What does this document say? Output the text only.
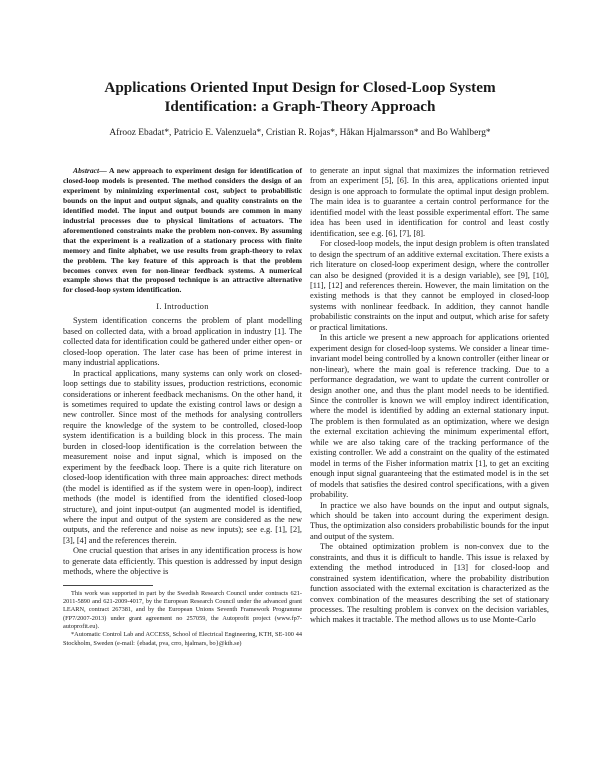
Applications Oriented Input Design for Closed-Loop System Identification: a Graph-Theory Approach
Afrooz Ebadat*, Patricio E. Valenzuela*, Cristian R. Rojas*, Håkan Hjalmarsson* and Bo Wahlberg*

Abstract— A new approach to experiment design for identification of closed-loop models is presented. The method considers the design of an experiment by minimizing experimental cost, subject to probabilistic bounds on the input and output signals, and quality constraints on the identified model. The input and output bounds are common in many industrial processes due to physical limitations of actuators. The aforementioned constraints make the problem non-convex. By assuming that the experiment is a realization of a stationary process with finite memory and finite alphabet, we use results from graph-theory to relax the problem. The key feature of this approach is that the problem becomes convex even for non-linear feedback systems. A numerical example shows that the proposed technique is an attractive alternative for closed-loop system identification.

I. Introduction

System identification concerns the problem of plant modelling based on collected data, with a broad application in industry [1]. The collected data for identification could be gathered under either open- or closed-loop operation. The later case has been of prime interest in many industrial applications.

In practical applications, many systems can only work on closed-loop settings due to stability issues, production restrictions, economic considerations or inherent feedback mechanisms. On the other hand, it is sometimes required to update the existing control laws or design a new controller. Since most of the methods for analysing controllers require the knowledge of the system to be controlled, closed-loop system identification is a building block in this process. The main burden in closed-loop identification is the correlation between the measurement noise and input signal, which is imposed on the experiment by the feedback loop. There is a quite rich literature on closed-loop identification with three main approaches: direct methods (the model is identified as if the system were in open-loop), indirect methods (the model is identified from the identified closed-loop structure), and joint input-output (an augmented model is identified, where the input and output of the system are considered as the new outputs, and the reference and noise as new inputs); see e.g. [1], [2], [3], [4] and the references therein.

One crucial question that arises in any identification process is how to generate data efficiently. This question is addressed by input design methods, where the objective is

This work was supported in part by the Swedish Research Council under contracts 621-2011-5890 and 621-2009-4017, by the European Research Council under the advanced grant LEARN, contract 267381, and by the European Unions Seventh Framework Programme (FP7/2007-2013) under grant agreement no 257059, the Autoprofit project (www.fp7-autoprofit.eu).

*Automatic Control Lab and ACCESS, School of Electrical Engineering, KTH, SE-100 44 Stockholm, Sweden (e-mail: {ebadat, pva, crro, hjalmars, bo}@kth.se)

to generate an input signal that maximizes the information retrieved from an experiment [5], [6]. In this area, applications oriented input design is one approach to formulate the optimal input design problem. The main idea is to guarantee a certain control performance for the identified model with the least possible experimental effort. The same idea has been used in identification for control and least costly identification, see e.g. [6], [7], [8].

For closed-loop models, the input design problem is often translated to design the spectrum of an additive external excitation. There exists a rich literature on closed-loop experiment design, where the controller can also be designed (provided it is a design variable), see [9], [10], [11], [12] and references therein. However, the main limitation on the existing methods is that they cannot be employed in closed-loop systems with nonlinear feedback. In addition, they cannot handle probabilistic constraints on the input and output, which arise for safety or practical limitations.

In this article we present a new approach for applications oriented experiment design for closed-loop systems. We consider a linear time-invariant model being controlled by a known controller (either linear or non-linear), where the main goal is reference tracking. Due to a performance degradation, we want to update the current controller or design another one, and thus the plant model needs to be identified. Since the controller is known we will employ indirect identification, where the model is identified by adding an external stationary input. The problem is then formulated as an optimization, where we design the external excitation achieving the minimum experimental effort, while we are also taking care of the tracking performance of the existing controller. We add a constraint on the quality of the estimated model in terms of the Fisher information matrix [1], to get an exciting enough input signal guaranteeing that the estimated model is in the set of models that satisfies the desired control specifications, with a given probability.

In practice we also have bounds on the input and output signals, which should be taken into account during the experiment design. Thus, the optimization also considers probabilistic bounds for the input and output of the system.

The obtained optimization problem is non-convex due to the constraints, and thus it is difficult to handle. This issue is relaxed by extending the method introduced in [13] for closed-loop and constrained system identification, where the probability distribution function associated with the external excitation is characterized as the convex combination of the measures describing the set of stationary processes. The resulting problem is convex on the decision variables, which makes it tractable. The method allows us to use Monte-Carlo
